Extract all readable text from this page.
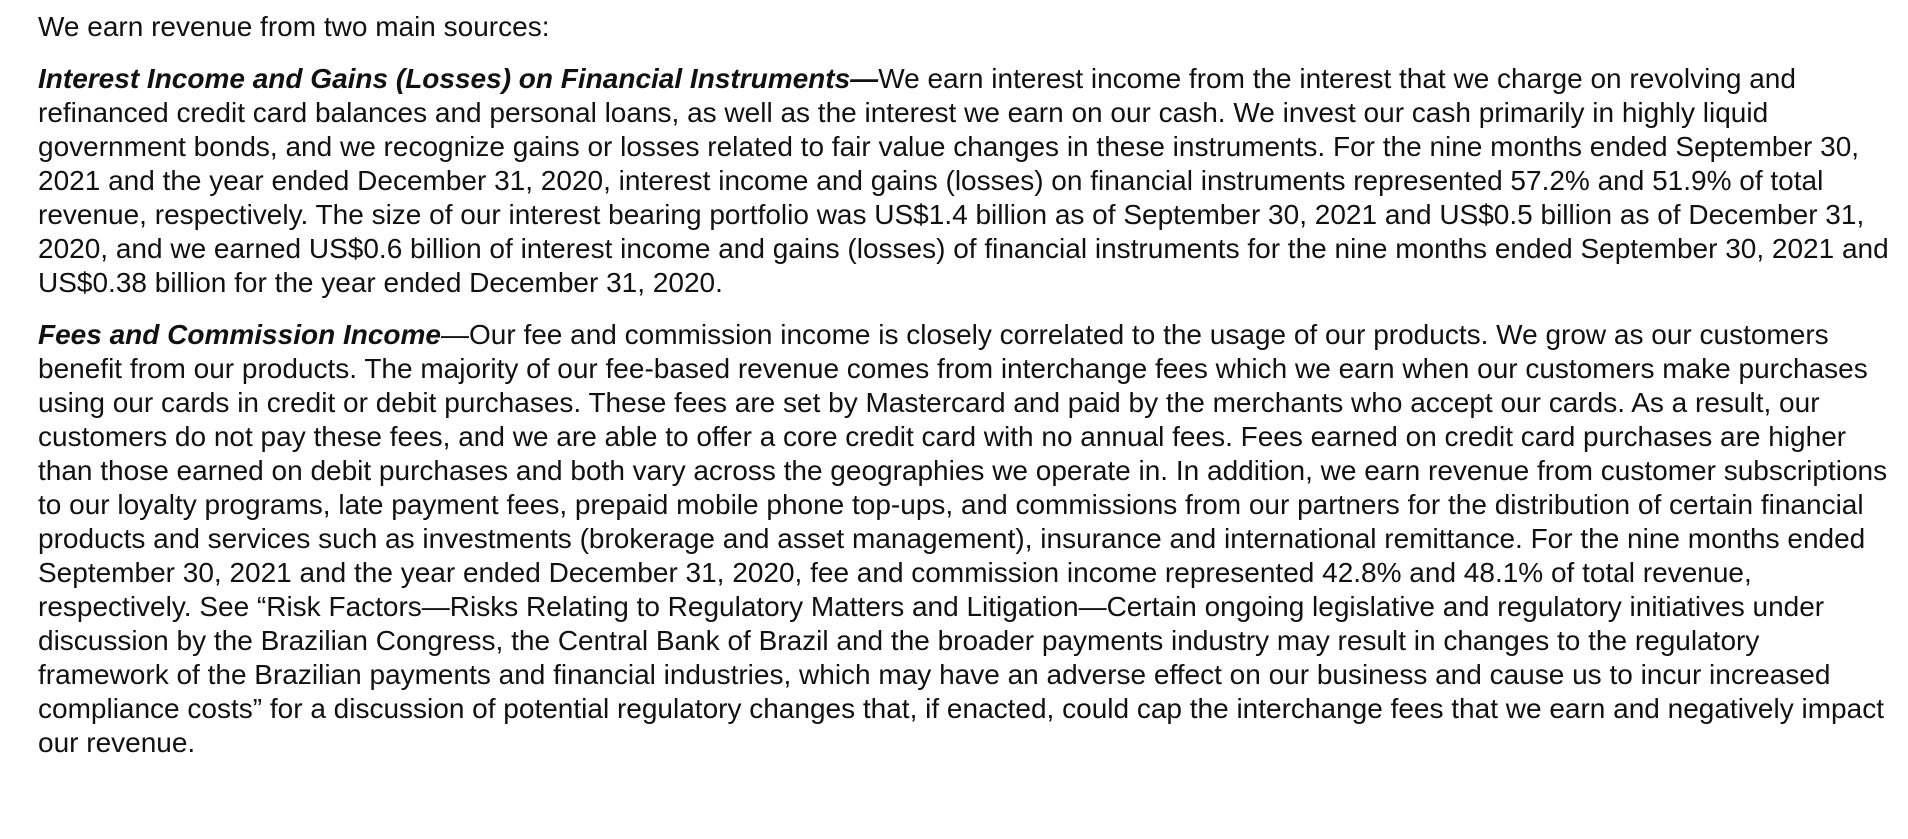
We earn revenue from two main sources:

Interest Income and Gains (Losses) on Financial Instruments—We earn interest income from the interest that we charge on revolving and refinanced credit card balances and personal loans, as well as the interest we earn on our cash. We invest our cash primarily in highly liquid government bonds, and we recognize gains or losses related to fair value changes in these instruments. For the nine months ended September 30, 2021 and the year ended December 31, 2020, interest income and gains (losses) on financial instruments represented 57.2% and 51.9% of total revenue, respectively. The size of our interest bearing portfolio was US$1.4 billion as of September 30, 2021 and US$0.5 billion as of December 31, 2020, and we earned US$0.6 billion of interest income and gains (losses) of financial instruments for the nine months ended September 30, 2021 and US$0.38 billion for the year ended December 31, 2020.

Fees and Commission Income—Our fee and commission income is closely correlated to the usage of our products. We grow as our customers benefit from our products. The majority of our fee-based revenue comes from interchange fees which we earn when our customers make purchases using our cards in credit or debit purchases. These fees are set by Mastercard and paid by the merchants who accept our cards. As a result, our customers do not pay these fees, and we are able to offer a core credit card with no annual fees. Fees earned on credit card purchases are higher than those earned on debit purchases and both vary across the geographies we operate in. In addition, we earn revenue from customer subscriptions to our loyalty programs, late payment fees, prepaid mobile phone top-ups, and commissions from our partners for the distribution of certain financial products and services such as investments (brokerage and asset management), insurance and international remittance. For the nine months ended September 30, 2021 and the year ended December 31, 2020, fee and commission income represented 42.8% and 48.1% of total revenue, respectively. See “Risk Factors—Risks Relating to Regulatory Matters and Litigation—Certain ongoing legislative and regulatory initiatives under discussion by the Brazilian Congress, the Central Bank of Brazil and the broader payments industry may result in changes to the regulatory framework of the Brazilian payments and financial industries, which may have an adverse effect on our business and cause us to incur increased compliance costs” for a discussion of potential regulatory changes that, if enacted, could cap the interchange fees that we earn and negatively impact our revenue.
